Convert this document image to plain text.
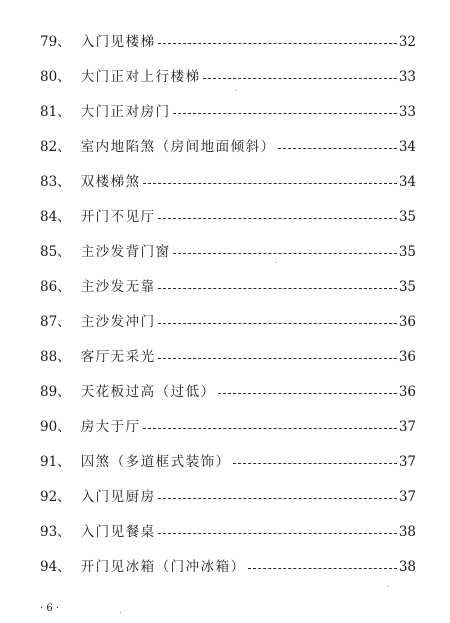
79、 入门见楼梯	32
80、 大门正对上行楼梯	33
81、 大门正对房门	33
82、 室内地陷煞（房间地面倾斜）	34
83、 双楼梯煞	34
84、 开门不见厅	35
85、 主沙发背门窗	35
86、 主沙发无靠	35
87、 主沙发冲门	36
88、 客厅无采光	36
89、 天花板过高（过低）	36
90、 房大于厅	37
91、 囚煞（多道框式装饰）	37
92、 入门见厨房	37
93、 入门见餐桌	38
94、 开门见冰箱（门冲冰箱）	38
· 6 ·
